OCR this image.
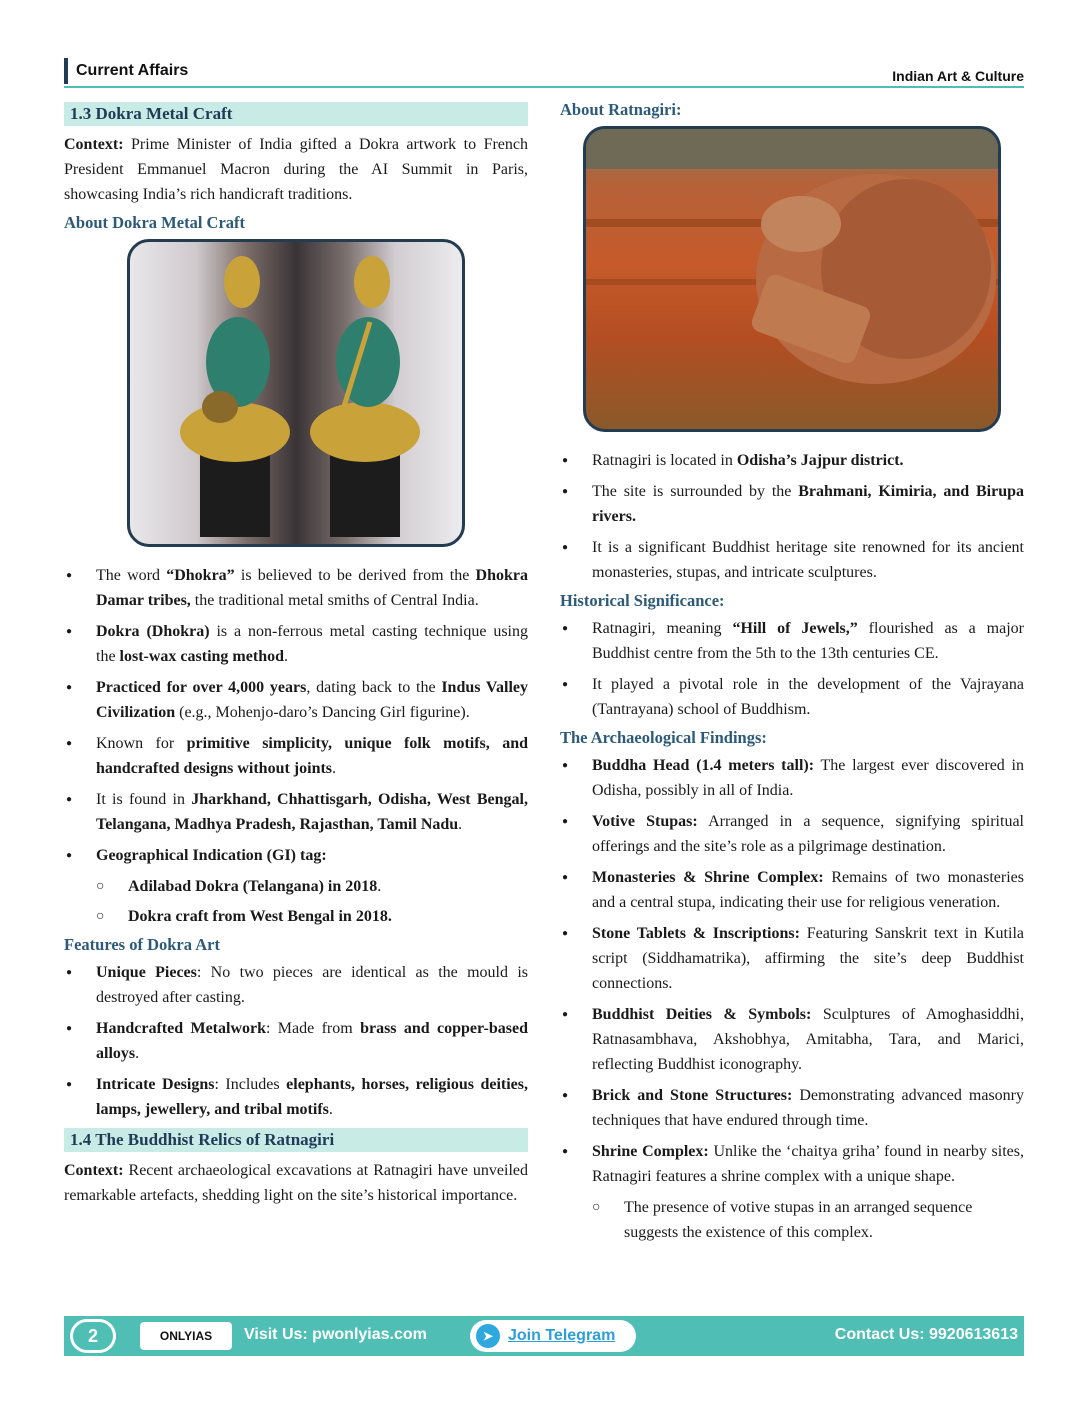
Current Affairs	Indian Art & Culture
1.3 Dokra Metal Craft

Context: Prime Minister of India gifted a Dokra artwork to French President Emmanuel Macron during the AI Summit in Paris, showcasing India’s rich handicraft traditions.

About Dokra Metal Craft
● The word “Dhokra” is believed to be derived from the Dhokra Damar tribes, the traditional metal smiths of Central India.
● Dokra (Dhokra) is a non-ferrous metal casting technique using the lost-wax casting method.
● Practiced for over 4,000 years, dating back to the Indus Valley Civilization (e.g., Mohenjo-daro’s Dancing Girl figurine).
● Known for primitive simplicity, unique folk motifs, and handcrafted designs without joints.
● It is found in Jharkhand, Chhattisgarh, Odisha, West Bengal, Telangana, Madhya Pradesh, Rajasthan, Tamil Nadu.
● Geographical Indication (GI) tag:
○ Adilabad Dokra (Telangana) in 2018.
○ Dokra craft from West Bengal in 2018.
Features of Dokra Art
● Unique Pieces: No two pieces are identical as the mould is destroyed after casting.
● Handcrafted Metalwork: Made from brass and copper-based alloys.
● Intricate Designs: Includes elephants, horses, religious deities, lamps, jewellery, and tribal motifs.
1.4 The Buddhist Relics of Ratnagiri

Context: Recent archaeological excavations at Ratnagiri have unveiled remarkable artefacts, shedding light on the site’s historical importance.

About Ratnagiri:
● Ratnagiri is located in Odisha’s Jajpur district.
● The site is surrounded by the Brahmani, Kimiria, and Birupa rivers.
● It is a significant Buddhist heritage site renowned for its ancient monasteries, stupas, and intricate sculptures.
Historical Significance:
● Ratnagiri, meaning “Hill of Jewels,” flourished as a major Buddhist centre from the 5th to the 13th centuries CE.
● It played a pivotal role in the development of the Vajrayana (Tantrayana) school of Buddhism.
The Archaeological Findings:
● Buddha Head (1.4 meters tall): The largest ever discovered in Odisha, possibly in all of India.
● Votive Stupas: Arranged in a sequence, signifying spiritual offerings and the site’s role as a pilgrimage destination.
● Monasteries & Shrine Complex: Remains of two monasteries and a central stupa, indicating their use for religious veneration.
● Stone Tablets & Inscriptions: Featuring Sanskrit text in Kutila script (Siddhamatrika), affirming the site’s deep Buddhist connections.
● Buddhist Deities & Symbols: Sculptures of Amoghasiddhi, Ratnasambhava, Akshobhya, Amitabha, Tara, and Marici, reflecting Buddhist iconography.
● Brick and Stone Structures: Demonstrating advanced masonry techniques that have endured through time.
● Shrine Complex: Unlike the ‘chaitya griha’ found in nearby sites, Ratnagiri features a shrine complex with a unique shape.
○ The presence of votive stupas in an arranged sequence suggests the existence of this complex.
2	ONLYIAS	Visit Us: pwonlyias.com	➤ Join Telegram	Contact Us: 9920613613
